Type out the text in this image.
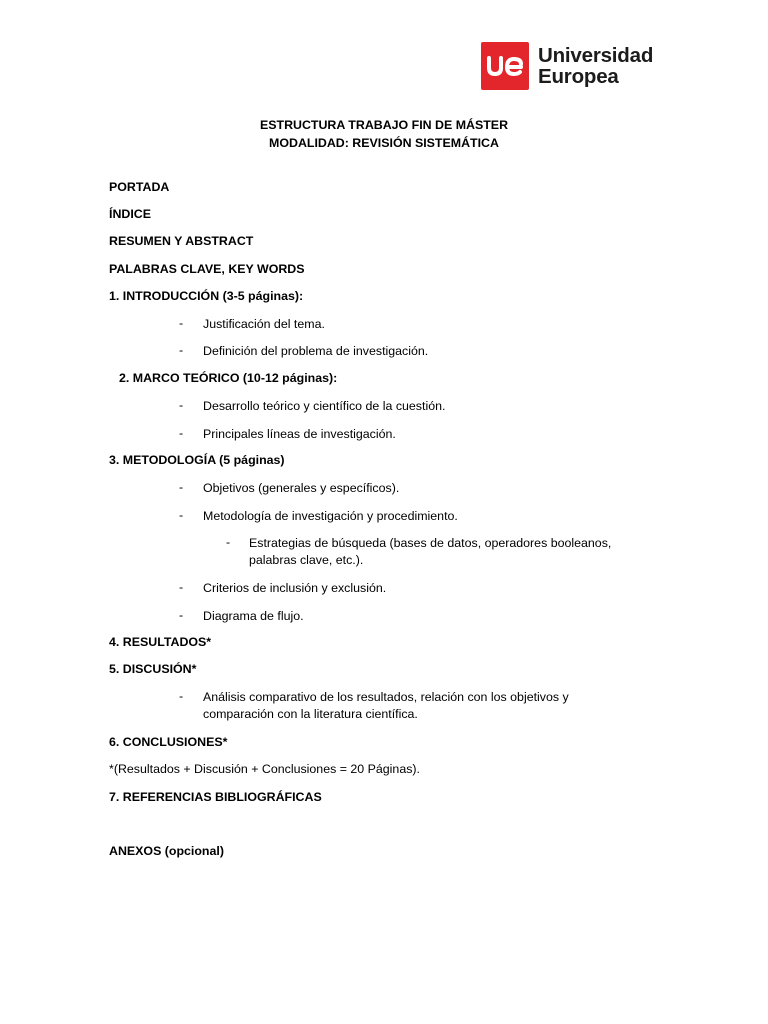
Universidad
Europea
ESTRUCTURA TRABAJO FIN DE MÁSTER
MODALIDAD: REVISIÓN SISTEMÁTICA
PORTADA
ÍNDICE
RESUMEN Y ABSTRACT
PALABRAS CLAVE, KEY WORDS
1. INTRODUCCIÓN (3-5 páginas):
- Justificación del tema.
- Definición del problema de investigación.
2. MARCO TEÓRICO (10-12 páginas):
- Desarrollo teórico y científico de la cuestión.
- Principales líneas de investigación.
3. METODOLOGÍA (5 páginas)
- Objetivos (generales y específicos).
- Metodología de investigación y procedimiento.
- Estrategias de búsqueda (bases de datos, operadores booleanos,
palabras clave, etc.).
- Criterios de inclusión y exclusión.
- Diagrama de flujo.
4. RESULTADOS*
5. DISCUSIÓN*
- Análisis comparativo de los resultados, relación con los objetivos y
comparación con la literatura científica.
6. CONCLUSIONES*
*(Resultados + Discusión + Conclusiones = 20 Páginas).
7. REFERENCIAS BIBLIOGRÁFICAS
ANEXOS (opcional)
